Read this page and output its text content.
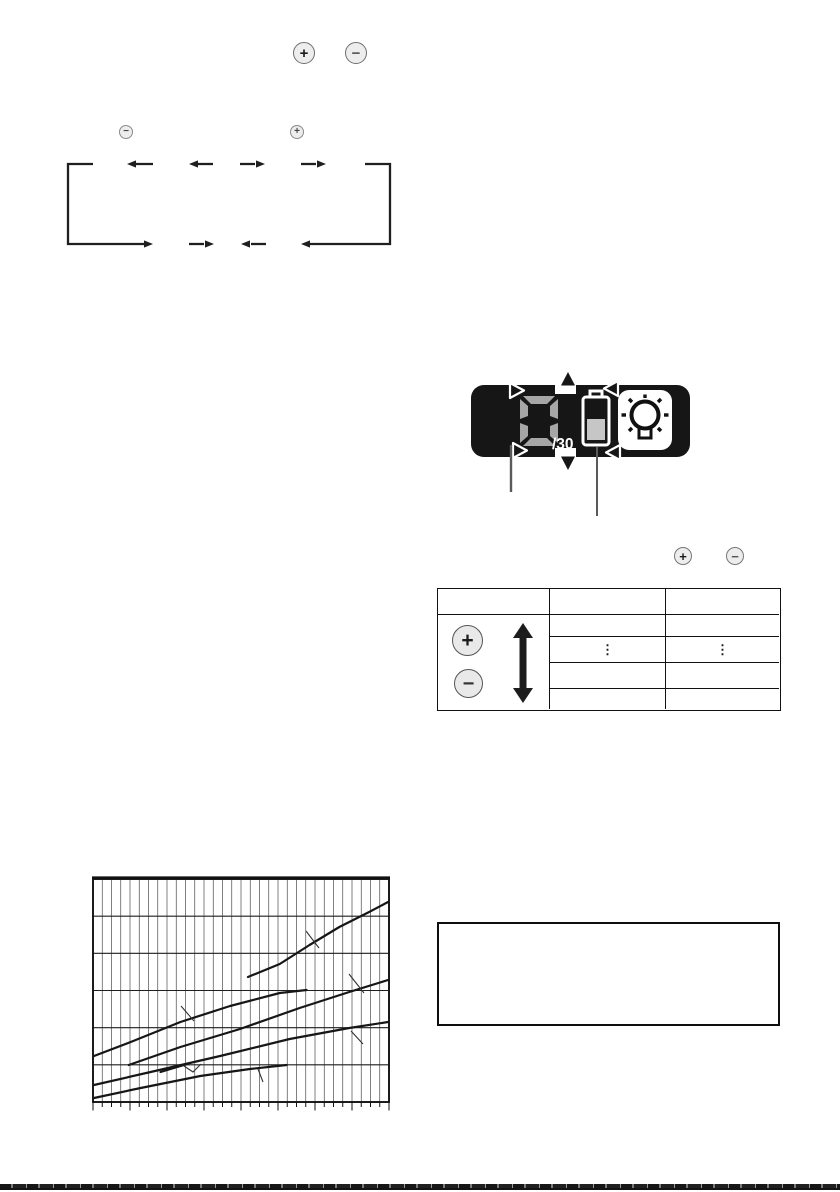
+	−
−	+
/30
+	−
+
−
⋮	⋮
